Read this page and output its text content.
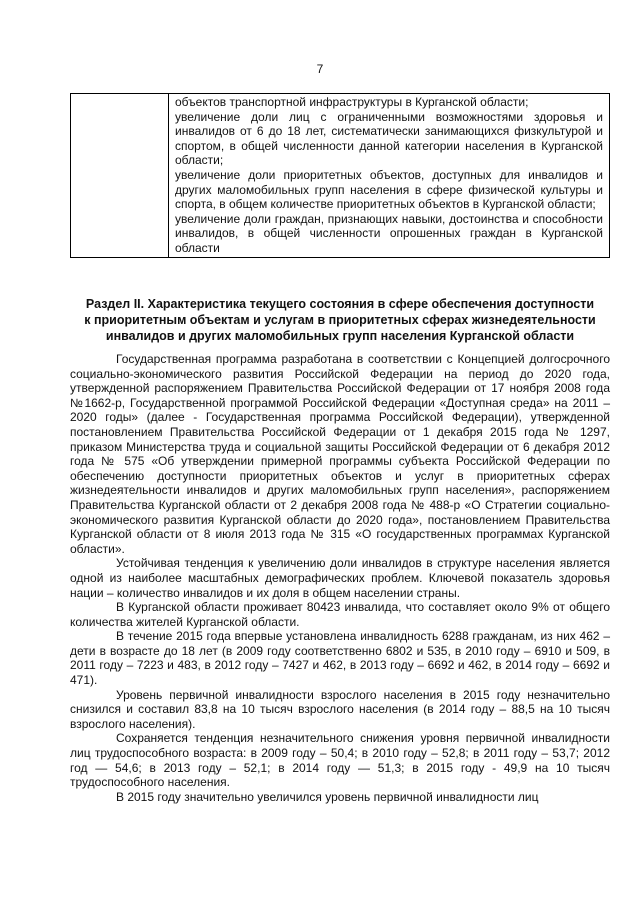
7

объектов транспортной инфраструктуры в Курганской области;

увеличение доли лиц с ограниченными возможностями здоровья и инвалидов от 6 до 18 лет, систематически занимающихся физкультурой и спортом, в общей численности данной категории населения в Курганской области;

увеличение доли приоритетных объектов, доступных для инвалидов и других маломобильных групп населения в сфере физической культуры и спорта, в общем количестве приоритетных объектов в Курганской области;

увеличение доли граждан, признающих навыки, достоинства и способности инвалидов, в общей численности опрошенных граждан в Курганской области

Раздел II. Характеристика текущего состояния в сфере обеспечения доступности
к приоритетным объектам и услугам в приоритетных сферах жизнедеятельности
инвалидов и других маломобильных групп населения Курганской области

Государственная программа разработана в соответствии с Концепцией долгосрочного социально-экономического развития Российской Федерации на период до 2020 года, утвержденной распоряжением Правительства Российской Федерации от 17 ноября 2008 года №1662-р, Государственной программой Российской Федерации «Доступная среда» на 2011 – 2020 годы» (далее - Государственная программа Российской Федерации), утвержденной постановлением Правительства Российской Федерации от 1 декабря 2015 года № 1297, приказом Министерства труда и социальной защиты Российской Федерации от 6 декабря 2012 года № 575 «Об утверждении примерной программы субъекта Российской Федерации по обеспечению доступности приоритетных объектов и услуг в приоритетных сферах жизнедеятельности инвалидов и других маломобильных групп населения», распоряжением Правительства Курганской области от 2 декабря 2008 года № 488-р «О Стратегии социально-экономического развития Курганской области до 2020 года», постановлением Правительства Курганской области от 8 июля 2013 года № 315 «О государственных программах Курганской области».

Устойчивая тенденция к увеличению доли инвалидов в структуре населения является одной из наиболее масштабных демографических проблем. Ключевой показатель здоровья нации – количество инвалидов и их доля в общем населении страны.

В Курганской области проживает 80423 инвалида, что составляет около 9% от общего количества жителей Курганской области.

В течение 2015 года впервые установлена инвалидность 6288 гражданам, из них 462 – дети в возрасте до 18 лет (в 2009 году соответственно 6802 и 535, в 2010 году – 6910 и 509, в 2011 году – 7223 и 483, в 2012 году – 7427 и 462, в 2013 году – 6692 и 462, в 2014 году – 6692 и 471).

Уровень первичной инвалидности взрослого населения в 2015 году незначительно снизился и составил 83,8 на 10 тысяч взрослого населения (в 2014 году – 88,5 на 10 тысяч взрослого населения).

Сохраняется тенденция незначительного снижения уровня первичной инвалидности лиц трудоспособного возраста: в 2009 году – 50,4; в 2010 году – 52,8; в 2011 году – 53,7; 2012 год — 54,6; в 2013 году – 52,1; в 2014 году — 51,3; в 2015 году - 49,9 на 10 тысяч трудоспособного населения.

В 2015 году значительно увеличился уровень первичной инвалидности лиц
